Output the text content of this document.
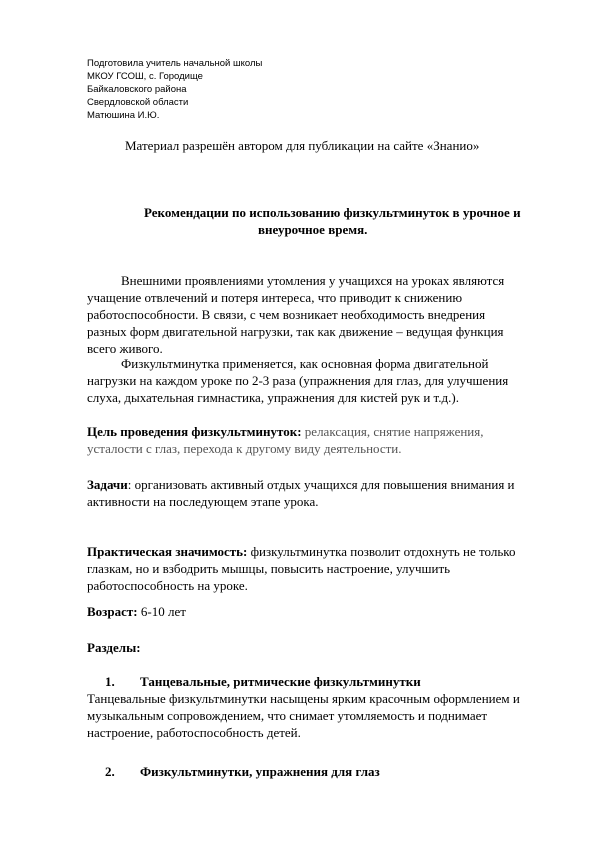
Подготовила учитель начальной школы
МКОУ ГСОШ, с. Городище
Байкаловского района
Свердловской области
Матюшина И.Ю.
Материал разрешён автором для публикации на сайте «Знанио»
Рекомендации по использованию физкультминуток в урочное и
внеурочное время.
Внешними проявлениями утомления у учащихся на уроках являются
учащение отвлечений и потеря интереса, что приводит к снижению
работоспособности. В связи, с чем возникает необходимость внедрения
разных форм двигательной нагрузки, так как движение – ведущая функция
всего живого.
Физкультминутка применяется, как основная форма двигательной
нагрузки на каждом уроке по 2-3 раза (упражнения для глаз, для улучшения
слуха, дыхательная гимнастика, упражнения для кистей рук и т.д.).
Цель проведения физкультминуток: релаксация, снятие напряжения,
усталости с глаз, перехода к другому виду деятельности.
Задачи: организовать активный отдых учащихся для повышения внимания и
активности на последующем этапе урока.
Практическая значимость: физкультминутка позволит отдохнуть не только
глазкам, но и взбодрить мышцы, повысить настроение, улучшить
работоспособность на уроке.
Возраст: 6-10 лет
Разделы:
1. Танцевальные, ритмические физкультминутки
Танцевальные физкультминутки насыщены ярким красочным оформлением и
музыкальным сопровождением, что снимает утомляемость и поднимает
настроение, работоспособность детей.
2. Физкультминутки, упражнения для глаз
